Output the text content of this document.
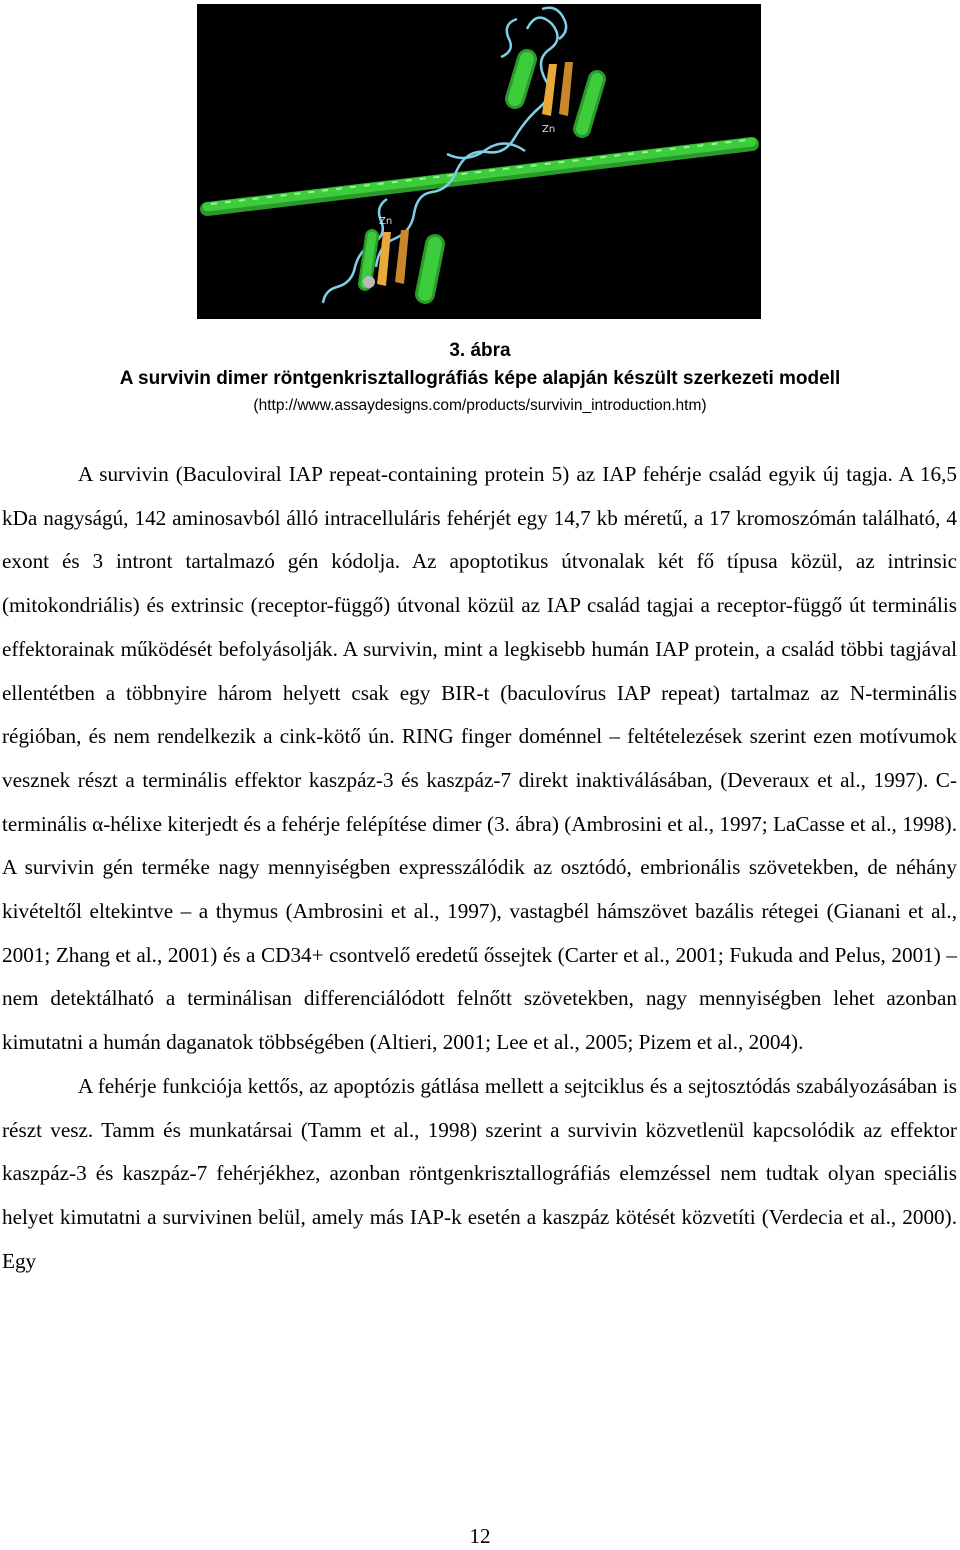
Zn
Zn
3. ábra
A survivin dimer röntgenkrisztallográfiás képe alapján készült szerkezeti modell
(http://www.assaydesigns.com/products/survivin_introduction.htm)

A survivin (Baculoviral IAP repeat-containing protein 5) az IAP fehérje család egyik új tagja. A 16,5 kDa nagyságú, 142 aminosavból álló intracelluláris fehérjét egy 14,7 kb méretű, a 17 kromoszómán található, 4 exont és 3 intront tartalmazó gén kódolja. Az apoptotikus útvonalak két fő típusa közül, az intrinsic (mitokondriális) és extrinsic (receptor-függő) útvonal közül az IAP család tagjai a receptor-függő út terminális effektorainak működését befolyásolják. A survivin, mint a legkisebb humán IAP protein, a család többi tagjával ellentétben a többnyire három helyett csak egy BIR-t (baculovírus IAP repeat) tartalmaz az N-terminális régióban, és nem rendelkezik a cink-kötő ún. RING finger doménnel – feltételezések szerint ezen motívumok vesznek részt a terminális effektor kaszpáz-3 és kaszpáz-7 direkt inaktiválásában, (Deveraux et al., 1997). C-terminális α-hélixe kiterjedt és a fehérje felépítése dimer (3. ábra) (Ambrosini et al., 1997; LaCasse et al., 1998). A survivin gén terméke nagy mennyiségben expresszálódik az osztódó, embrionális szövetekben, de néhány kivételtől eltekintve – a thymus (Ambrosini et al., 1997), vastagbél hámszövet bazális rétegei (Gianani et al., 2001; Zhang et al., 2001) és a CD34+ csontvelő eredetű őssejtek (Carter et al., 2001; Fukuda and Pelus, 2001) – nem detektálható a terminálisan differenciálódott felnőtt szövetekben, nagy mennyiségben lehet azonban kimutatni a humán daganatok többségében (Altieri, 2001; Lee et al., 2005; Pizem et al., 2004).

A fehérje funkciója kettős, az apoptózis gátlása mellett a sejtciklus és a sejtosztódás szabályozásában is részt vesz. Tamm és munkatársai (Tamm et al., 1998) szerint a survivin közvetlenül kapcsolódik az effektor kaszpáz-3 és kaszpáz-7 fehérjékhez, azonban röntgenkrisztallográfiás elemzéssel nem tudtak olyan speciális helyet kimutatni a survivinen belül, amely más IAP-k esetén a kaszpáz kötését közvetíti (Verdecia et al., 2000). Egy

12
